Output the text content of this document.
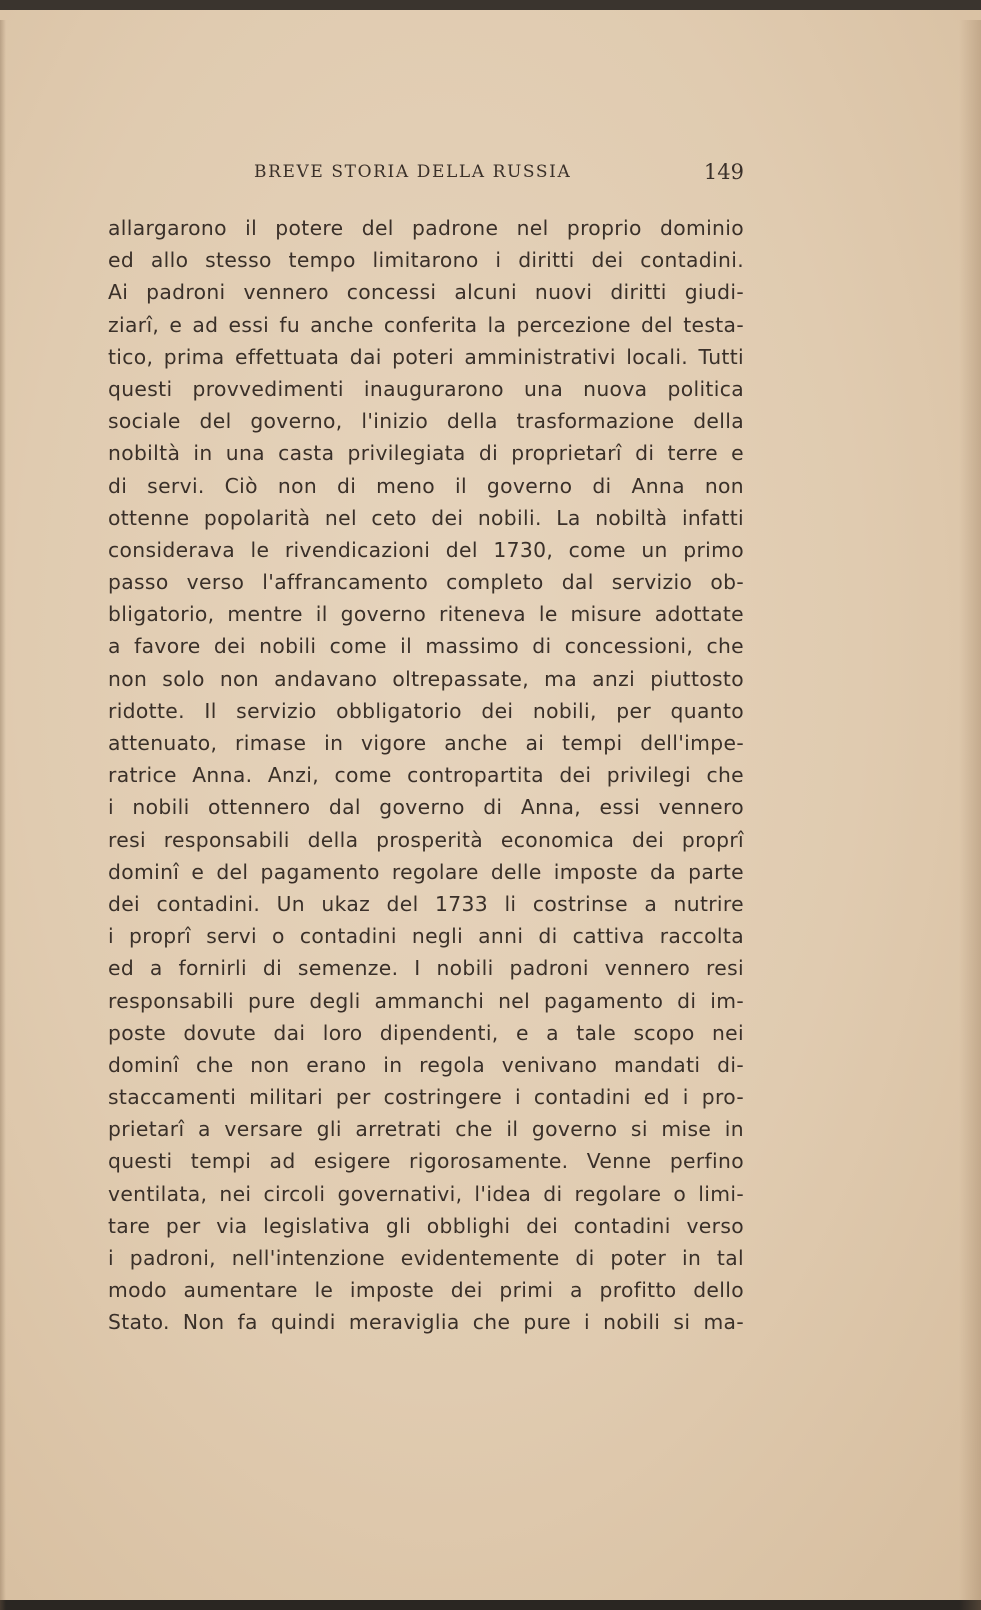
BREVE STORIA DELLA RUSSIA	149
allargarono il potere del padrone nel proprio dominio
ed allo stesso tempo limitarono i diritti dei contadini.
Ai padroni vennero concessi alcuni nuovi diritti giudi-
ziarî, e ad essi fu anche conferita la percezione del testa-
tico, prima effettuata dai poteri amministrativi locali. Tutti
questi provvedimenti inaugurarono una nuova politica
sociale del governo, l'inizio della trasformazione della
nobiltà in una casta privilegiata di proprietarî di terre e
di servi. Ciò non di meno il governo di Anna non
ottenne popolarità nel ceto dei nobili. La nobiltà infatti
considerava le rivendicazioni del 1730, come un primo
passo verso l'affrancamento completo dal servizio ob-
bligatorio, mentre il governo riteneva le misure adottate
a favore dei nobili come il massimo di concessioni, che
non solo non andavano oltrepassate, ma anzi piuttosto
ridotte. Il servizio obbligatorio dei nobili, per quanto
attenuato, rimase in vigore anche ai tempi dell'impe-
ratrice Anna. Anzi, come contropartita dei privilegi che
i nobili ottennero dal governo di Anna, essi vennero
resi responsabili della prosperità economica dei proprî
dominî e del pagamento regolare delle imposte da parte
dei contadini. Un ukaz del 1733 li costrinse a nutrire
i proprî servi o contadini negli anni di cattiva raccolta
ed a fornirli di semenze. I nobili padroni vennero resi
responsabili pure degli ammanchi nel pagamento di im-
poste dovute dai loro dipendenti, e a tale scopo nei
dominî che non erano in regola venivano mandati di-
staccamenti militari per costringere i contadini ed i pro-
prietarî a versare gli arretrati che il governo si mise in
questi tempi ad esigere rigorosamente. Venne perfino
ventilata, nei circoli governativi, l'idea di regolare o limi-
tare per via legislativa gli obblighi dei contadini verso
i padroni, nell'intenzione evidentemente di poter in tal
modo aumentare le imposte dei primi a profitto dello
Stato. Non fa quindi meraviglia che pure i nobili si ma-
